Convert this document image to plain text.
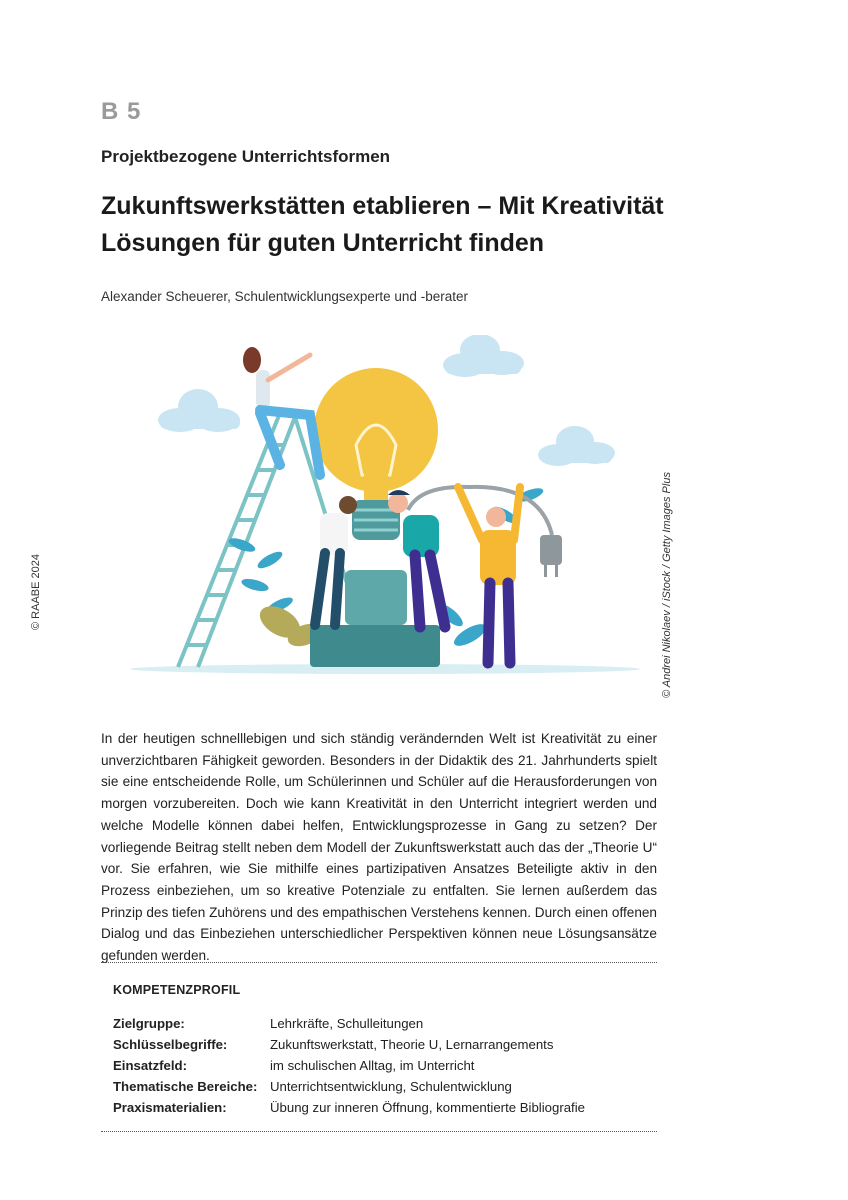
B 5
Projektbezogene Unterrichtsformen
Zukunftswerkstätten etablieren – Mit Kreativität Lösungen für guten Unterricht finden
Alexander Scheuerer, Schulentwicklungsexperte und -berater
© RAABE 2024	© Andrei Nikolaev / iStock / Getty Images Plus

In der heutigen schnelllebigen und sich ständig verändernden Welt ist Kreativität zu einer unverzichtbaren Fähigkeit geworden. Besonders in der Didaktik des 21. Jahrhunderts spielt sie eine entscheidende Rolle, um Schülerinnen und Schüler auf die Herausforderungen von morgen vorzubereiten. Doch wie kann Kreativität in den Unterricht integriert werden und welche Modelle können dabei helfen, Entwicklungsprozesse in Gang zu setzen? Der vorliegende Beitrag stellt neben dem Modell der Zukunftswerkstatt auch das der „Theorie U“ vor. Sie erfahren, wie Sie mithilfe eines partizipativen Ansatzes Beteiligte aktiv in den Prozess einbeziehen, um so kreative Potenziale zu entfalten. Sie lernen außerdem das Prinzip des tiefen Zuhörens und des empathischen Verstehens kennen. Durch einen offenen Dialog und das Einbeziehen unterschiedlicher Perspektiven können neue Lösungsansätze gefunden werden.

KOMPETENZPROFIL
Zielgruppe:	Lehrkräfte, Schulleitungen
Schlüsselbegriffe:	Zukunftswerkstatt, Theorie U, Lernarrangements
Einsatzfeld:	im schulischen Alltag, im Unterricht
Thematische Bereiche: Unterrichtsentwicklung, Schulentwicklung
Praxismaterialien:	Übung zur inneren Öffnung, kommentierte Bibliografie
